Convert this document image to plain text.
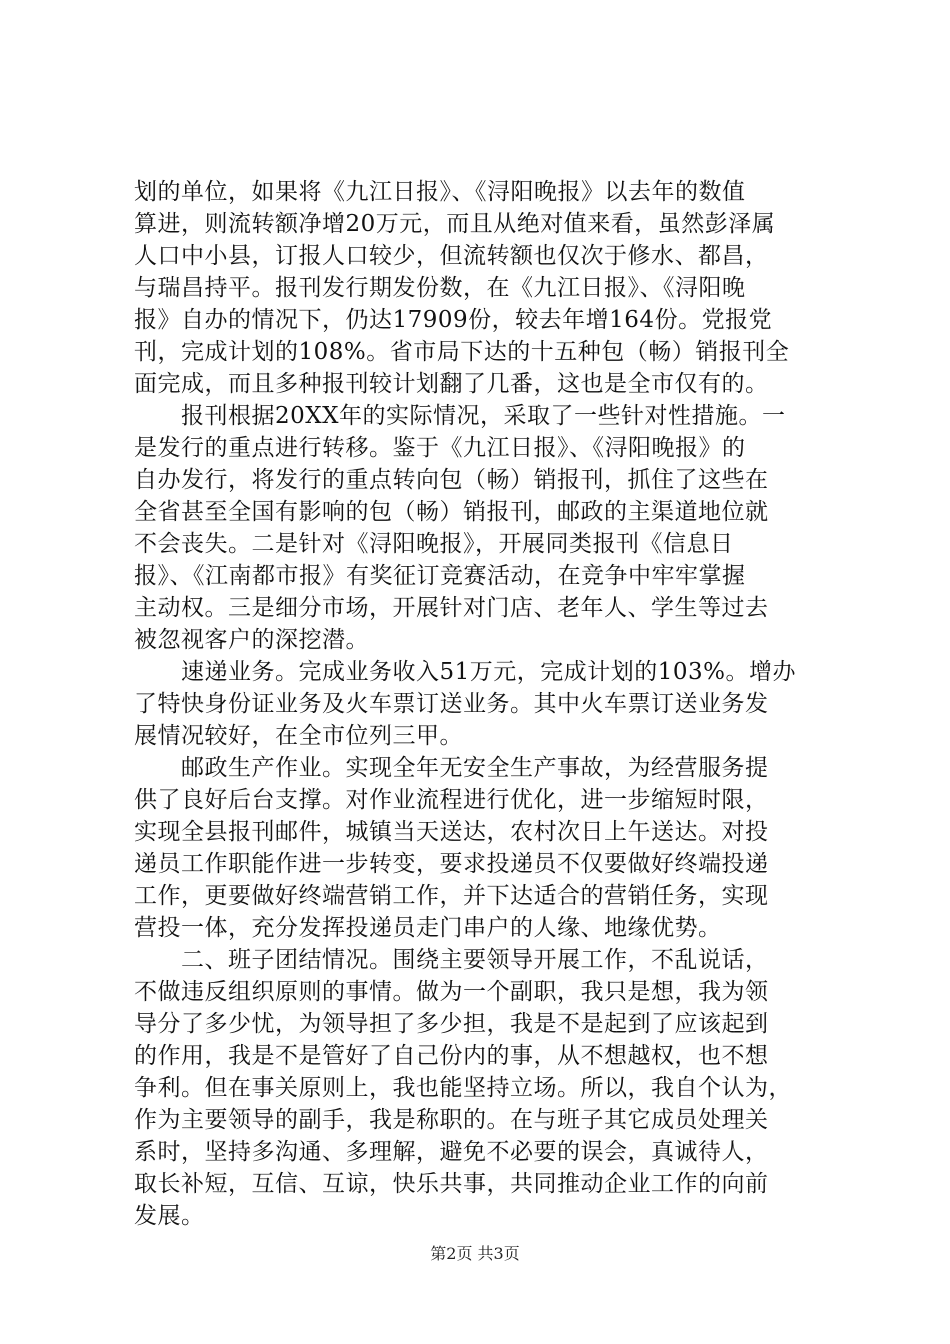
划的单位，如果将《九江日报》、《浔阳晚报》以去年的数值
算进，则流转额净增20万元，而且从绝对值来看，虽然彭泽属
人口中小县，订报人口较少，但流转额也仅次于修水、都昌，
与瑞昌持平。报刊发行期发份数，在《九江日报》、《浔阳晚
报》自办的情况下，仍达17909份，较去年增164份。党报党
刊，完成计划的108%。省市局下达的十五种包（畅）销报刊全
面完成，而且多种报刊较计划翻了几番，这也是全市仅有的。
　　报刊根据20XX年的实际情况，采取了一些针对性措施。一
是发行的重点进行转移。鉴于《九江日报》、《浔阳晚报》的
自办发行，将发行的重点转向包（畅）销报刊，抓住了这些在
全省甚至全国有影响的包（畅）销报刊，邮政的主渠道地位就
不会丧失。二是针对《浔阳晚报》，开展同类报刊《信息日
报》、《江南都市报》有奖征订竞赛活动，在竞争中牢牢掌握
主动权。三是细分市场，开展针对门店、老年人、学生等过去
被忽视客户的深挖潜。
　　速递业务。完成业务收入51万元，完成计划的103%。增办
了特快身份证业务及火车票订送业务。其中火车票订送业务发
展情况较好，在全市位列三甲。
　　邮政生产作业。实现全年无安全生产事故，为经营服务提
供了良好后台支撑。对作业流程进行优化，进一步缩短时限，
实现全县报刊邮件，城镇当天送达，农村次日上午送达。对投
递员工作职能作进一步转变，要求投递员不仅要做好终端投递
工作，更要做好终端营销工作，并下达适合的营销任务，实现
营投一体，充分发挥投递员走门串户的人缘、地缘优势。
　　二、班子团结情况。围绕主要领导开展工作，不乱说话，
不做违反组织原则的事情。做为一个副职，我只是想，我为领
导分了多少忧，为领导担了多少担，我是不是起到了应该起到
的作用，我是不是管好了自己份内的事，从不想越权，也不想
争利。但在事关原则上，我也能坚持立场。所以，我自个认为，
作为主要领导的副手，我是称职的。在与班子其它成员处理关
系时，坚持多沟通、多理解，避免不必要的误会，真诚待人，
取长补短，互信、互谅，快乐共事，共同推动企业工作的向前
发展。
第2页 共3页
